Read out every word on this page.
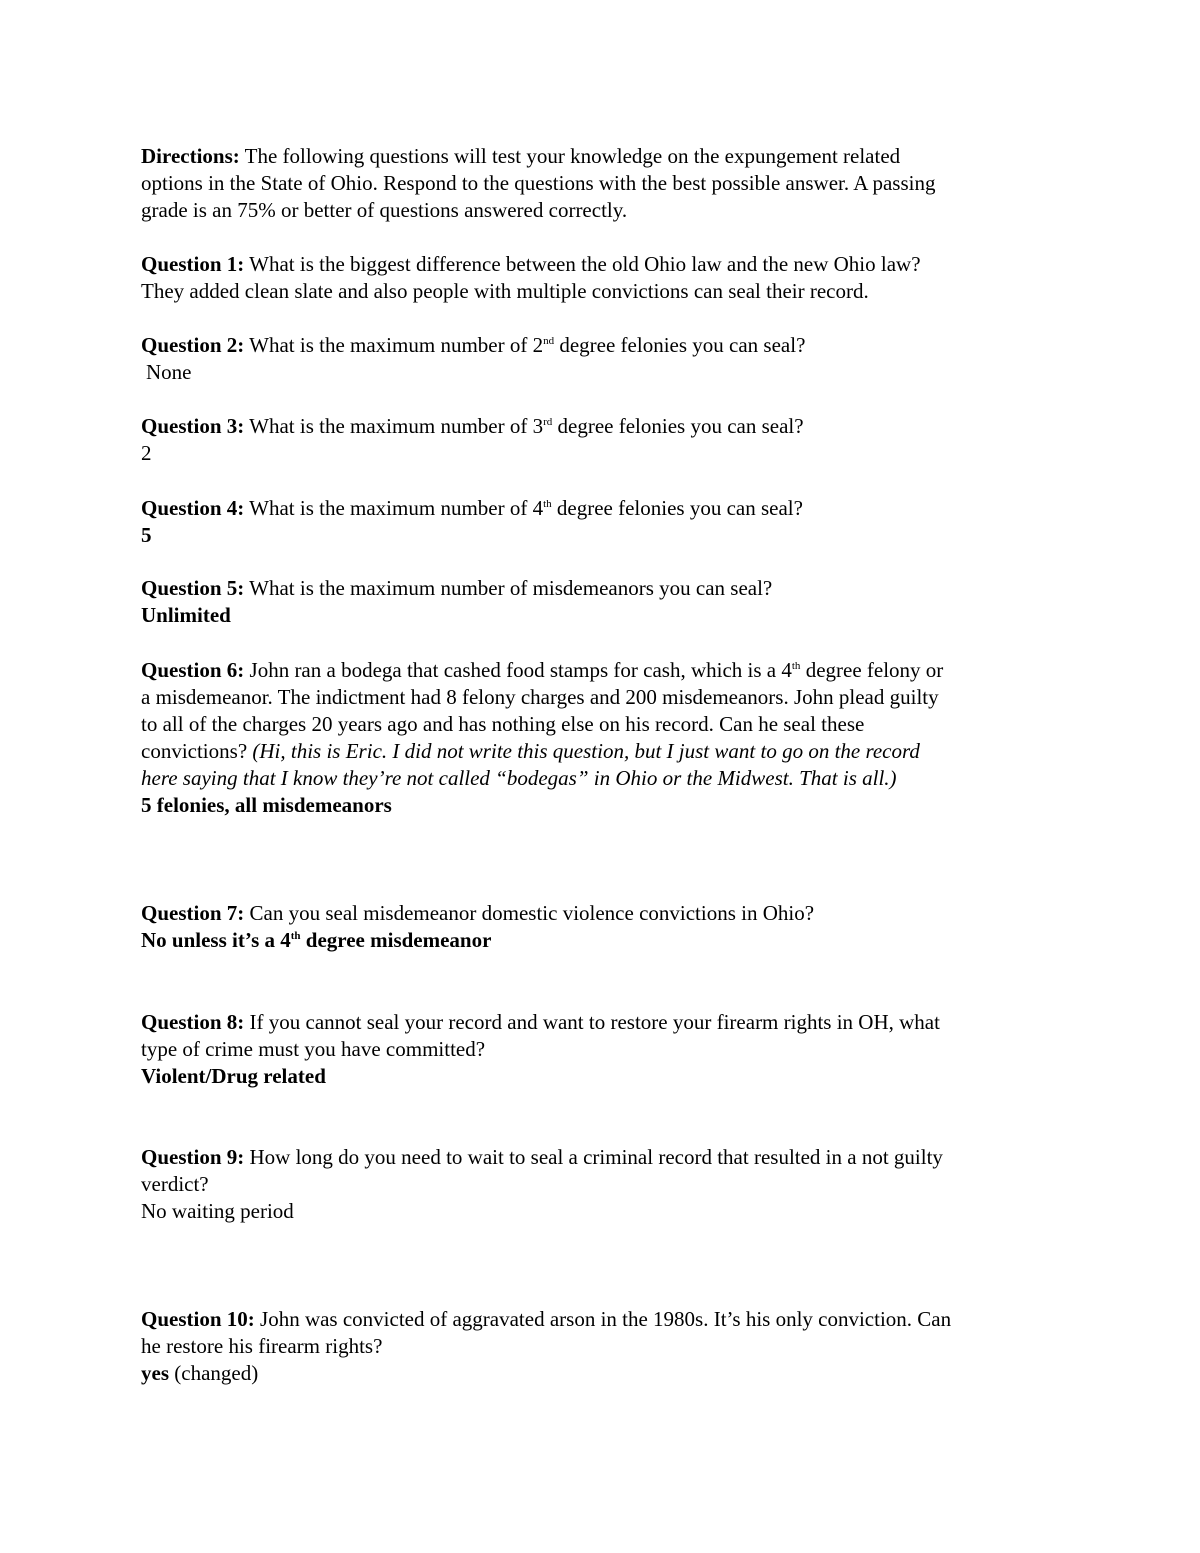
Directions: The following questions will test your knowledge on the expungement related
options in the State of Ohio. Respond to the questions with the best possible answer. A passing
grade is an 75% or better of questions answered correctly.
Question 1: What is the biggest difference between the old Ohio law and the new Ohio law?
They added clean slate and also people with multiple convictions can seal their record.
Question 2: What is the maximum number of 2nd degree felonies you can seal?
None
Question 3: What is the maximum number of 3rd degree felonies you can seal?
2
Question 4: What is the maximum number of 4th degree felonies you can seal?
5
Question 5: What is the maximum number of misdemeanors you can seal?
Unlimited
Question 6: John ran a bodega that cashed food stamps for cash, which is a 4th degree felony or
a misdemeanor. The indictment had 8 felony charges and 200 misdemeanors. John plead guilty
to all of the charges 20 years ago and has nothing else on his record. Can he seal these
convictions? (Hi, this is Eric. I did not write this question, but I just want to go on the record
here saying that I know they’re not called “bodegas” in Ohio or the Midwest. That is all.)
5 felonies, all misdemeanors
Question 7: Can you seal misdemeanor domestic violence convictions in Ohio?
No unless it’s a 4th degree misdemeanor
Question 8: If you cannot seal your record and want to restore your firearm rights in OH, what
type of crime must you have committed?
Violent/Drug related
Question 9: How long do you need to wait to seal a criminal record that resulted in a not guilty
verdict?
No waiting period
Question 10: John was convicted of aggravated arson in the 1980s. It’s his only conviction. Can
he restore his firearm rights?
yes (changed)
